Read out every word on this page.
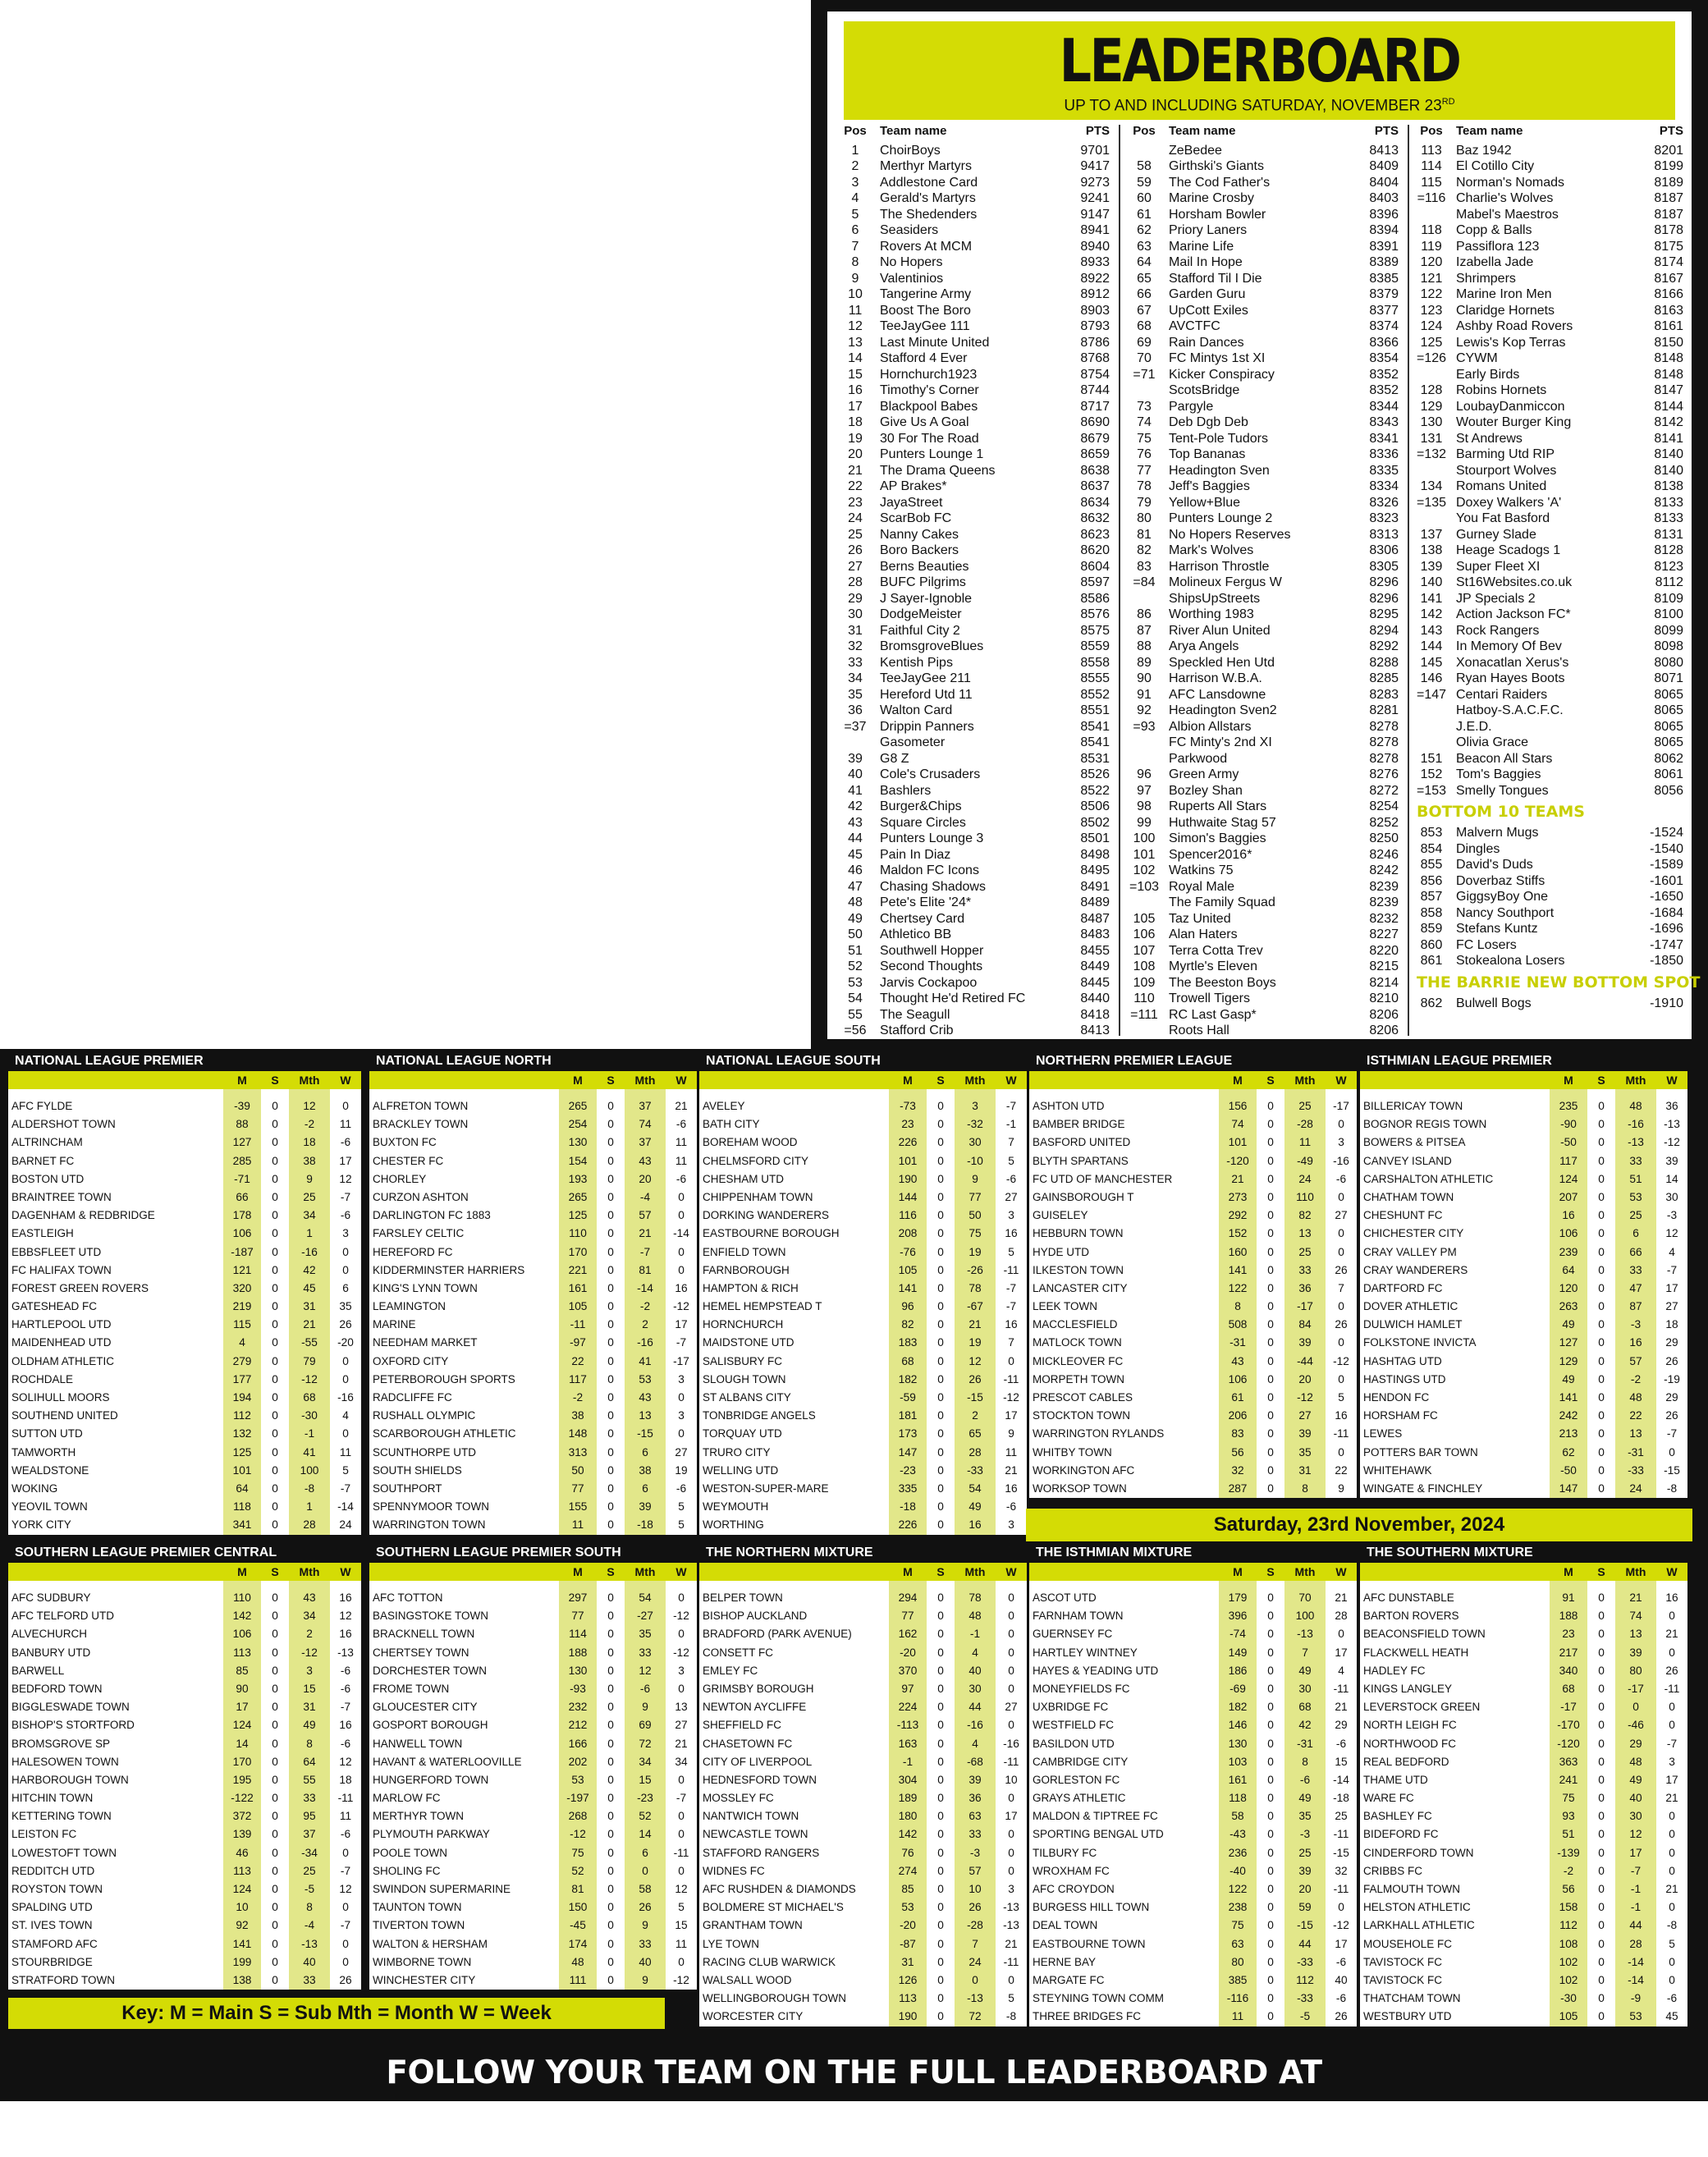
LEADERBOARD
UP TO AND INCLUDING SATURDAY, NOVEMBER 23RD
Pos	Team name	PTS
1	ChoirBoys	9701
2	Merthyr Martyrs	9417
3	Addlestone Card	9273
4	Gerald's Martyrs	9241
5	The Shedenders	9147
6	Seasiders	8941
7	Rovers At MCM	8940
8	No Hopers	8933
9	Valentinios	8922
10	Tangerine Army	8912
11	Boost The Boro	8903
12	TeeJayGee 111	8793
13	Last Minute United	8786
14	Stafford 4 Ever	8768
15	Hornchurch1923	8754
16	Timothy's Corner	8744
17	Blackpool Babes	8717
18	Give Us A Goal	8690
19	30 For The Road	8679
20	Punters Lounge 1	8659
21	The Drama Queens	8638
22	AP Brakes*	8637
23	JayaStreet	8634
24	ScarBob FC	8632
25	Nanny Cakes	8623
26	Boro Backers	8620
27	Berns Beauties	8604
28	BUFC Pilgrims	8597
29	J Sayer-Ignoble	8586
30	DodgeMeister	8576
31	Faithful City 2	8575
32	BromsgroveBlues	8559
33	Kentish Pips	8558
34	TeeJayGee 211	8555
35	Hereford Utd 11	8552
36	Walton Card	8551
=37	Drippin Panners	8541
Gasometer	8541
39	G8 Z	8531
40	Cole's Crusaders	8526
41	Bashlers	8522
42	Burger&Chips	8506
43	Square Circles	8502
44	Punters Lounge 3	8501
45	Pain In Diaz	8498
46	Maldon FC Icons	8495
47	Chasing Shadows	8491
48	Pete's Elite '24*	8489
49	Chertsey Card	8487
50	Athletico BB	8483
51	Southwell Hopper	8455
52	Second Thoughts	8449
53	Jarvis Cockapoo	8445
54	Thought He'd Retired FC	8440
55	The Seagull	8418
=56	Stafford Crib	8413
Pos	Team name	PTS
ZeBedee	8413
58	Girthski's Giants	8409
59	The Cod Father's	8404
60	Marine Crosby	8403
61	Horsham Bowler	8396
62	Priory Laners	8394
63	Marine Life	8391
64	Mail In Hope	8389
65	Stafford Til I Die	8385
66	Garden Guru	8379
67	UpCott Exiles	8377
68	AVCTFC	8374
69	Rain Dances	8366
70	FC Mintys 1st XI	8354
=71	Kicker Conspiracy	8352
ScotsBridge	8352
73	Pargyle	8344
74	Deb Dgb Deb	8343
75	Tent-Pole Tudors	8341
76	Top Bananas	8336
77	Headington Sven	8335
78	Jeff's Baggies	8334
79	Yellow+Blue	8326
80	Punters Lounge 2	8323
81	No Hopers Reserves	8313
82	Mark's Wolves	8306
83	Harrison Throstle	8305
=84	Molineux Fergus W	8296
ShipsUpStreets	8296
86	Worthing 1983	8295
87	River Alun United	8294
88	Arya Angels	8292
89	Speckled Hen Utd	8288
90	Harrison W.B.A.	8285
91	AFC Lansdowne	8283
92	Headington Sven2	8281
=93	Albion Allstars	8278
FC Minty's 2nd XI	8278
Parkwood	8278
96	Green Army	8276
97	Bozley Shan	8272
98	Ruperts All Stars	8254
99	Huthwaite Stag 57	8252
100	Simon's Baggies	8250
101	Spencer2016*	8246
102	Watkins 75	8242
=103 Royal Male	8239
The Family Squad	8239
105	Taz United	8232
106	Alan Haters	8227
107	Terra Cotta Trev	8220
108	Myrtle's Eleven	8215
109	The Beeston Boys	8214
110	Trowell Tigers	8210
=111 RC Last Gasp*	8206
Roots Hall	8206
Pos	Team name	PTS
113	Baz 1942	8201
114	El Cotillo City	8199
115	Norman's Nomads	8189
=116 Charlie's Wolves	8187
Mabel's Maestros	8187
118	Copp & Balls	8178
119	Passiflora 123	8175
120	Izabella Jade	8174
121	Shrimpers	8167
122	Marine Iron Men	8166
123	Claridge Hornets	8163
124	Ashby Road Rovers	8161
125	Lewis's Kop Terras	8150
=126 CYWM	8148
Early Birds	8148
128	Robins Hornets	8147
129	LoubayDanmiccon	8144
130	Wouter Burger King	8142
131	St Andrews	8141
=132 Barming Utd RIP	8140
Stourport Wolves	8140
134	Romans United	8138
=135 Doxey Walkers 'A'	8133
You Fat Basford	8133
137	Gurney Slade	8131
138	Heage Scadogs 1	8128
139	Super Fleet XI	8123
140	St16Websites.co.uk	8112
141	JP Specials 2	8109
142	Action Jackson FC*	8100
143	Rock Rangers	8099
144	In Memory Of Bev	8098
145	Xonacatlan Xerus's	8080
146	Ryan Hayes Boots	8071
=147 Centari Raiders	8065
Hatboy-S.A.C.F.C.	8065
J.E.D.	8065
Olivia Grace	8065
151	Beacon All Stars	8062
152	Tom's Baggies	8061
=153 Smelly Tongues	8056
BOTTOM 10 TEAMS
853	Malvern Mugs	-1524
854	Dingles	-1540
855	David's Duds	-1589
856	Doverbaz Stiffs	-1601
857	GiggsyBoy One	-1650
858	Nancy Southport	-1684
859	Stefans Kuntz	-1696
860	FC Losers	-1747
861	Stokealona Losers	-1850
THE BARRIE NEW BOTTOM SPOT
862	Bulwell Bogs	-1910
NATIONAL LEAGUE PREMIER
M	S	Mth	W
AFC FYLDE	-39	0	12	0
ALDERSHOT TOWN	88	0	-2	11
ALTRINCHAM	127	0	18	-6
BARNET FC	285	0	38	17
BOSTON UTD	-71	0	9	12
BRAINTREE TOWN	66	0	25	-7
DAGENHAM & REDBRIDGE	178	0	34	-6
EASTLEIGH	106	0	1	3
EBBSFLEET UTD	-187	0	-16	0
FC HALIFAX TOWN	121	0	42	0
FOREST GREEN ROVERS	320	0	45	6
GATESHEAD FC	219	0	31	35
HARTLEPOOL UTD	115	0	21	26
MAIDENHEAD UTD	4	0	-55	-20
OLDHAM ATHLETIC	279	0	79	0
ROCHDALE	177	0	-12	0
SOLIHULL MOORS	194	0	68	-16
SOUTHEND UNITED	112	0	-30	4
SUTTON UTD	132	0	-1	0
TAMWORTH	125	0	41	11
WEALDSTONE	101	0	100	5
WOKING	64	0	-8	-7
YEOVIL TOWN	118	0	1	-14
YORK CITY	341	0	28	24
NATIONAL LEAGUE NORTH
M	S	Mth	W
ALFRETON TOWN	265	0	37	21
BRACKLEY TOWN	254	0	74	-6
BUXTON FC	130	0	37	11
CHESTER FC	154	0	43	11
CHORLEY	193	0	20	-6
CURZON ASHTON	265	0	-4	0
DARLINGTON FC 1883	125	0	57	0
FARSLEY CELTIC	110	0	21	-14
HEREFORD FC	170	0	-7	0
KIDDERMINSTER HARRIERS	221	0	81	0
KING'S LYNN TOWN	161	0	-14	16
LEAMINGTON	105	0	-2	-12
MARINE	-11	0	2	17
NEEDHAM MARKET	-97	0	-16	-7
OXFORD CITY	22	0	41	-17
PETERBOROUGH SPORTS	117	0	53	3
RADCLIFFE FC	-2	0	43	0
RUSHALL OLYMPIC	38	0	13	3
SCARBOROUGH ATHLETIC	148	0	-15	0
SCUNTHORPE UTD	313	0	6	27
SOUTH SHIELDS	50	0	38	19
SOUTHPORT	77	0	6	-6
SPENNYMOOR TOWN	155	0	39	5
WARRINGTON TOWN	11	0	-18	5
NATIONAL LEAGUE SOUTH
M	S	Mth	W
AVELEY	-73	0	3	-7
BATH CITY	23	0	-32	-1
BOREHAM WOOD	226	0	30	7
CHELMSFORD CITY	101	0	-10	5
CHESHAM UTD	190	0	9	-6
CHIPPENHAM TOWN	144	0	77	27
DORKING WANDERERS	116	0	50	3
EASTBOURNE BOROUGH	208	0	75	16
ENFIELD TOWN	-76	0	19	5
FARNBOROUGH	105	0	-26	-11
HAMPTON & RICH	141	0	78	-7
HEMEL HEMPSTEAD T	96	0	-67	-7
HORNCHURCH	82	0	21	16
MAIDSTONE UTD	183	0	19	7
SALISBURY FC	68	0	12	0
SLOUGH TOWN	182	0	26	-11
ST ALBANS CITY	-59	0	-15	-12
TONBRIDGE ANGELS	181	0	2	17
TORQUAY UTD	173	0	65	9
TRURO CITY	147	0	28	11
WELLING UTD	-23	0	-33	21
WESTON-SUPER-MARE	335	0	54	16
WEYMOUTH	-18	0	49	-6
WORTHING	226	0	16	3
NORTHERN PREMIER LEAGUE
M	S	Mth	W
ASHTON UTD	156	0	25	-17
BAMBER BRIDGE	74	0	-28	0
BASFORD UNITED	101	0	11	3
BLYTH SPARTANS	-120	0	-49	-16
FC UTD OF MANCHESTER	21	0	24	-6
GAINSBOROUGH T	273	0	110	0
GUISELEY	292	0	82	27
HEBBURN TOWN	152	0	13	0
HYDE UTD	160	0	25	0
ILKESTON TOWN	141	0	33	26
LANCASTER CITY	122	0	36	7
LEEK TOWN	8	0	-17	0
MACCLESFIELD	508	0	84	26
MATLOCK TOWN	-31	0	39	0
MICKLEOVER FC	43	0	-44	-12
MORPETH TOWN	106	0	20	0
PRESCOT CABLES	61	0	-12	5
STOCKTON TOWN	206	0	27	16
WARRINGTON RYLANDS	83	0	39	-11
WHITBY TOWN	56	0	35	0
WORKINGTON AFC	32	0	31	22
WORKSOP TOWN	287	0	8	9
ISTHMIAN LEAGUE PREMIER
M	S	Mth	W
BILLERICAY TOWN	235	0	48	36
BOGNOR REGIS TOWN	-90	0	-16	-13
BOWERS & PITSEA	-50	0	-13	-12
CANVEY ISLAND	117	0	33	39
CARSHALTON ATHLETIC	124	0	51	14
CHATHAM TOWN	207	0	53	30
CHESHUNT FC	16	0	25	-3
CHICHESTER CITY	106	0	6	12
CRAY VALLEY PM	239	0	66	4
CRAY WANDERERS	64	0	33	-7
DARTFORD FC	120	0	47	17
DOVER ATHLETIC	263	0	87	27
DULWICH HAMLET	49	0	-3	18
FOLKSTONE INVICTA	127	0	16	29
HASHTAG UTD	129	0	57	26
HASTINGS UTD	49	0	-2	-19
HENDON FC	141	0	48	29
HORSHAM FC	242	0	22	26
LEWES	213	0	13	-7
POTTERS BAR TOWN	62	0	-31	0
WHITEHAWK	-50	0	-33	-15
WINGATE & FINCHLEY	147	0	24	-8
SOUTHERN LEAGUE PREMIER CENTRAL
M	S	Mth	W
AFC SUDBURY	110	0	43	16
AFC TELFORD UTD	142	0	34	12
ALVECHURCH	106	0	2	16
BANBURY UTD	113	0	-12	-13
BARWELL	85	0	3	-6
BEDFORD TOWN	90	0	15	-6
BIGGLESWADE TOWN	17	0	31	-7
BISHOP'S STORTFORD	124	0	49	16
BROMSGROVE SP	14	0	8	-6
HALESOWEN TOWN	170	0	64	12
HARBOROUGH TOWN	195	0	55	18
HITCHIN TOWN	-122	0	33	-11
KETTERING TOWN	372	0	95	11
LEISTON FC	139	0	37	-6
LOWESTOFT TOWN	46	0	-34	0
REDDITCH UTD	113	0	25	-7
ROYSTON TOWN	124	0	-5	12
SPALDING UTD	10	0	8	0
ST. IVES TOWN	92	0	-4	-7
STAMFORD AFC	141	0	-13	0
STOURBRIDGE	199	0	40	0
STRATFORD TOWN	138	0	33	26
SOUTHERN LEAGUE PREMIER SOUTH
M	S	Mth	W
AFC TOTTON	297	0	54	0
BASINGSTOKE TOWN	77	0	-27	-12
BRACKNELL TOWN	114	0	35	0
CHERTSEY TOWN	188	0	33	-12
DORCHESTER TOWN	130	0	12	3
FROME TOWN	-93	0	-6	0
GLOUCESTER CITY	232	0	9	13
GOSPORT BOROUGH	212	0	69	27
HANWELL TOWN	166	0	72	21
HAVANT & WATERLOOVILLE	202	0	34	34
HUNGERFORD TOWN	53	0	15	0
MARLOW FC	-197	0	-23	-7
MERTHYR TOWN	268	0	52	0
PLYMOUTH PARKWAY	-12	0	14	0
POOLE TOWN	75	0	6	-11
SHOLING FC	52	0	0	0
SWINDON SUPERMARINE	81	0	58	12
TAUNTON TOWN	150	0	26	5
TIVERTON TOWN	-45	0	9	15
WALTON & HERSHAM	174	0	33	11
WIMBORNE TOWN	48	0	40	0
WINCHESTER CITY	111	0	9	-12
THE NORTHERN MIXTURE
M	S	Mth	W
BELPER TOWN	294	0	78	0
BISHOP AUCKLAND	77	0	48	0
BRADFORD (PARK AVENUE)	162	0	-1	0
CONSETT FC	-20	0	4	0
EMLEY FC	370	0	40	0
GRIMSBY BOROUGH	97	0	30	0
NEWTON AYCLIFFE	224	0	44	27
SHEFFIELD FC	-113	0	-16	0
CHASETOWN FC	163	0	4	-16
CITY OF LIVERPOOL	-1	0	-68	-11
HEDNESFORD TOWN	304	0	39	10
MOSSLEY FC	189	0	36	0
NANTWICH TOWN	180	0	63	17
NEWCASTLE TOWN	142	0	33	0
STAFFORD RANGERS	76	0	-3	0
WIDNES FC	274	0	57	0
AFC RUSHDEN & DIAMONDS	85	0	10	3
BOLDMERE ST MICHAEL'S	53	0	26	-13
GRANTHAM TOWN	-20	0	-28	-13
LYE TOWN	-87	0	7	21
RACING CLUB WARWICK	31	0	24	-11
WALSALL WOOD	126	0	0	0
WELLINGBOROUGH TOWN	113	0	-13	5
WORCESTER CITY	190	0	72	-8
THE ISTHMIAN MIXTURE
M	S	Mth	W
ASCOT UTD	179	0	70	21
FARNHAM TOWN	396	0	100	28
GUERNSEY FC	-74	0	-13	0
HARTLEY WINTNEY	149	0	7	17
HAYES & YEADING UTD	186	0	49	4
MONEYFIELDS FC	-69	0	30	-11
UXBRIDGE FC	182	0	68	21
WESTFIELD FC	146	0	42	29
BASILDON UTD	130	0	-31	-6
CAMBRIDGE CITY	103	0	8	15
GORLESTON FC	161	0	-6	-14
GRAYS ATHLETIC	118	0	49	-18
MALDON & TIPTREE FC	58	0	35	25
SPORTING BENGAL UTD	-43	0	-3	-11
TILBURY FC	236	0	25	-15
WROXHAM FC	-40	0	39	32
AFC CROYDON	122	0	20	-11
BURGESS HILL TOWN	238	0	59	0
DEAL TOWN	75	0	-15	-12
EASTBOURNE TOWN	63	0	44	17
HERNE BAY	80	0	-33	-6
MARGATE FC	385	0	112	40
STEYNING TOWN COMM	-116	0	-33	-6
THREE BRIDGES FC	11	0	-5	26
THE SOUTHERN MIXTURE
M	S	Mth	W
AFC DUNSTABLE	91	0	21	16
BARTON ROVERS	188	0	74	0
BEACONSFIELD TOWN	23	0	13	21
FLACKWELL HEATH	217	0	39	0
HADLEY FC	340	0	80	26
KINGS LANGLEY	68	0	-17	-11
LEVERSTOCK GREEN	-17	0	0	0
NORTH LEIGH FC	-170	0	-46	0
NORTHWOOD FC	-120	0	29	-7
REAL BEDFORD	363	0	48	3
THAME UTD	241	0	49	17
WARE FC	75	0	40	21
BASHLEY FC	93	0	30	0
BIDEFORD FC	51	0	12	0
CINDERFORD TOWN	-139	0	17	0
CRIBBS FC	-2	0	-7	0
FALMOUTH TOWN	56	0	-1	21
HELSTON ATHLETIC	158	0	-1	0
LARKHALL ATHLETIC	112	0	44	-8
MOUSEHOLE FC	108	0	28	5
TAVISTOCK FC	102	0	-14	0
TAVISTOCK FC	102	0	-14	0
THATCHAM TOWN	-30	0	-9	-6
WESTBURY UTD	105	0	53	45
Saturday, 23rd November, 2024
Key: M = Main S = Sub Mth = Month W = Week
FOLLOW YOUR TEAM ON THE FULL LEADERBOARD AT WWW.THENONLEAGUEFOOTBALLPAPER.COM
